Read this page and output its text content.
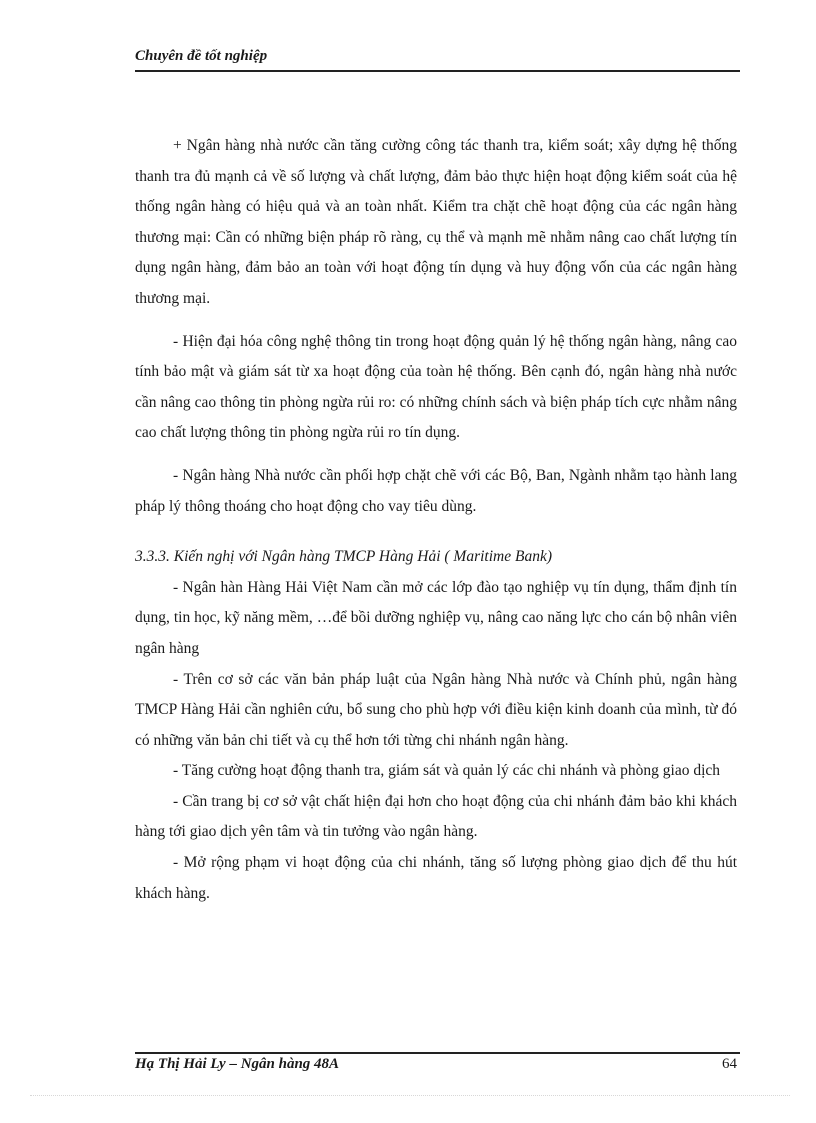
Chuyên đề tốt nghiệp

+ Ngân hàng nhà nước cần tăng cường công tác thanh tra, kiểm soát; xây dựng hệ thống thanh tra đủ mạnh cả về số lượng và chất lượng, đảm bảo thực hiện hoạt động kiểm soát của hệ thống ngân hàng có hiệu quả và an toàn nhất. Kiểm tra chặt chẽ hoạt động của các ngân hàng thương mại: Cần có những biện pháp rõ ràng, cụ thể và mạnh mẽ nhằm nâng cao chất lượng tín dụng ngân hàng, đảm bảo an toàn với hoạt động tín dụng và huy động vốn của các ngân hàng thương mại.

- Hiện đại hóa công nghệ thông tin trong hoạt động quản lý hệ thống ngân hàng, nâng cao tính bảo mật và giám sát từ xa hoạt động của toàn hệ thống. Bên cạnh đó, ngân hàng nhà nước cần nâng cao thông tin phòng ngừa rủi ro: có những chính sách và biện pháp tích cực nhằm nâng cao chất lượng thông tin phòng ngừa rủi ro tín dụng.

- Ngân hàng Nhà nước cần phối hợp chặt chẽ với các Bộ, Ban, Ngành nhằm tạo hành lang pháp lý thông thoáng cho hoạt động cho vay tiêu dùng.

3.3.3. Kiến nghị với Ngân hàng TMCP Hàng Hải ( Maritime Bank)

- Ngân hàn Hàng Hải Việt Nam cần mở các lớp đào tạo nghiệp vụ tín dụng, thẩm định tín dụng, tin học, kỹ năng mềm, …để bồi dưỡng nghiệp vụ, nâng cao năng lực cho cán bộ nhân viên ngân hàng

- Trên cơ sở các văn bản pháp luật của Ngân hàng Nhà nước và Chính phủ, ngân hàng TMCP Hàng Hải cần nghiên cứu, bổ sung cho phù hợp với điều kiện kinh doanh của mình, từ đó có những văn bản chi tiết và cụ thể hơn tới từng chi nhánh ngân hàng.

- Tăng cường hoạt động thanh tra, giám sát và quản lý các chi nhánh và phòng giao dịch

- Cần trang bị cơ sở vật chất hiện đại hơn cho hoạt động của chi nhánh đảm bảo khi khách hàng tới giao dịch yên tâm và tin tưởng vào ngân hàng.

- Mở rộng phạm vi hoạt động của chi nhánh, tăng số lượng phòng giao dịch để thu hút khách hàng.

Hạ Thị Hải Ly – Ngân hàng 48A	64
